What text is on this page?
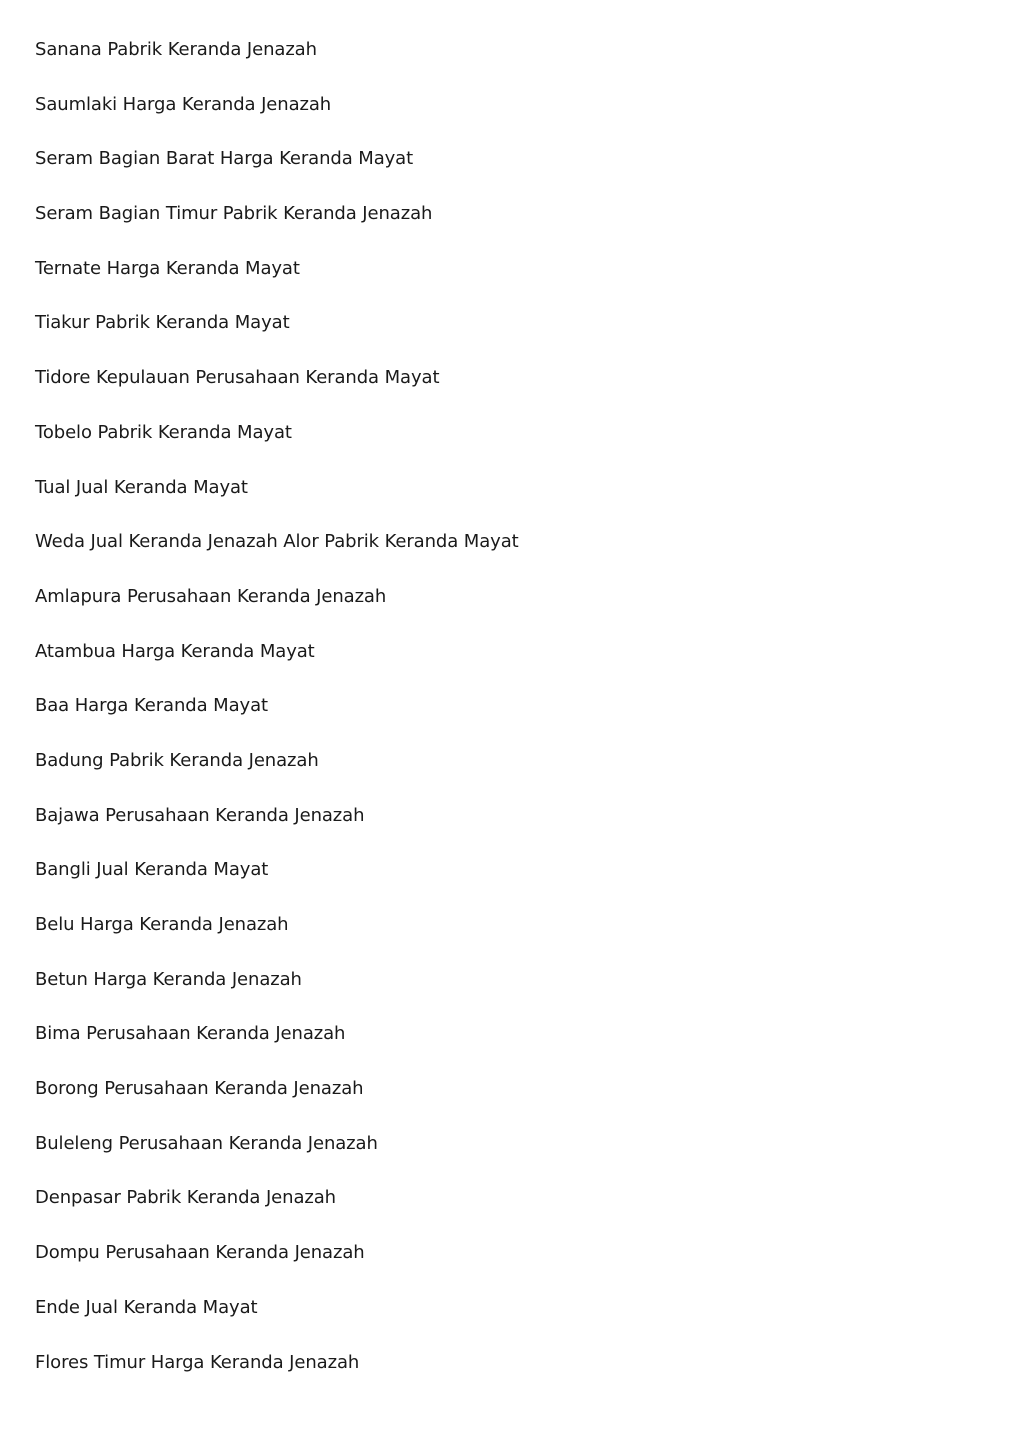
Sanana Pabrik Keranda Jenazah
Saumlaki Harga Keranda Jenazah
Seram Bagian Barat Harga Keranda Mayat
Seram Bagian Timur Pabrik Keranda Jenazah
Ternate Harga Keranda Mayat
Tiakur Pabrik Keranda Mayat
Tidore Kepulauan Perusahaan Keranda Mayat
Tobelo Pabrik Keranda Mayat
Tual Jual Keranda Mayat
Weda Jual Keranda Jenazah Alor Pabrik Keranda Mayat
Amlapura Perusahaan Keranda Jenazah
Atambua Harga Keranda Mayat
Baa Harga Keranda Mayat
Badung Pabrik Keranda Jenazah
Bajawa Perusahaan Keranda Jenazah
Bangli Jual Keranda Mayat
Belu Harga Keranda Jenazah
Betun Harga Keranda Jenazah
Bima Perusahaan Keranda Jenazah
Borong Perusahaan Keranda Jenazah
Buleleng Perusahaan Keranda Jenazah
Denpasar Pabrik Keranda Jenazah
Dompu Perusahaan Keranda Jenazah
Ende Jual Keranda Mayat
Flores Timur Harga Keranda Jenazah
